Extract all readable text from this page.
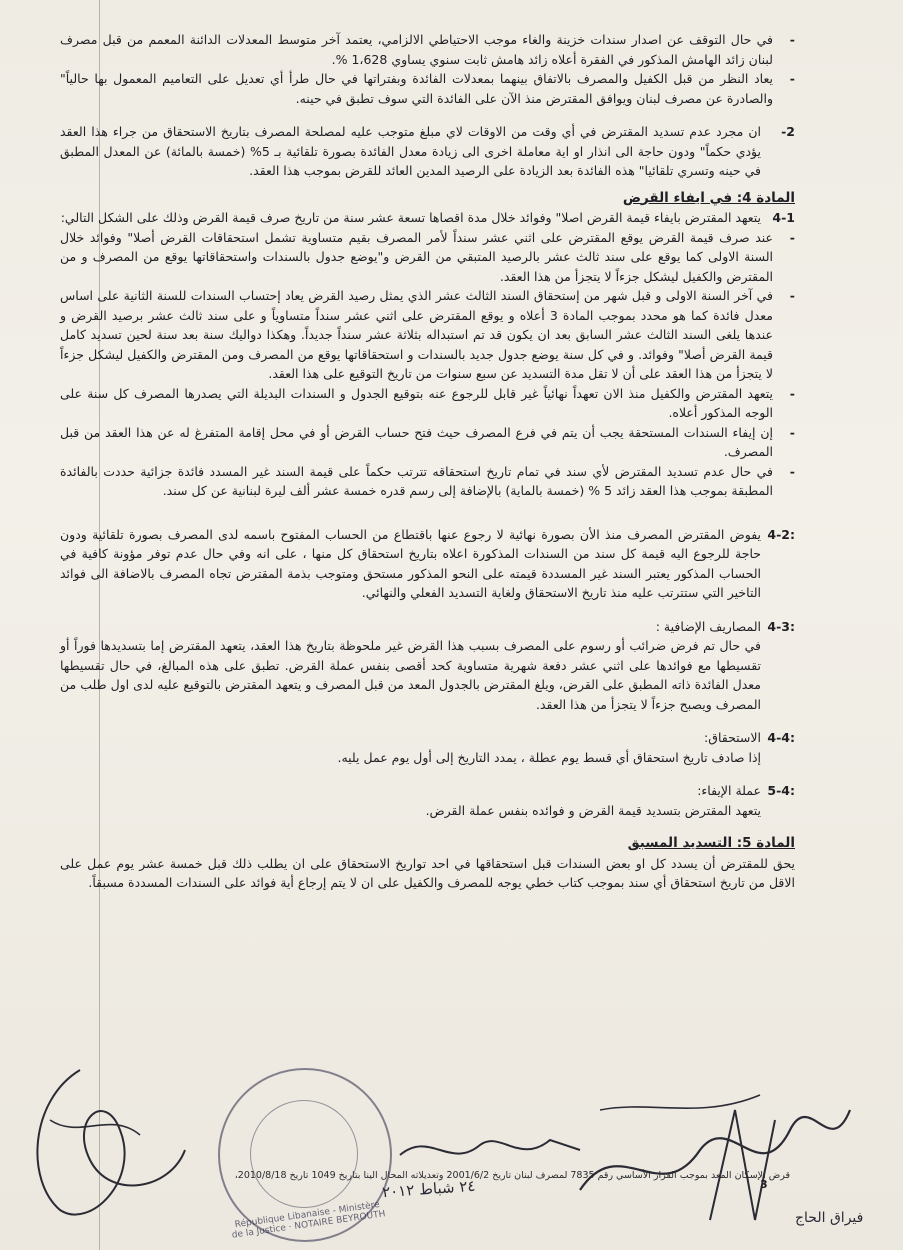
-

في حال التوقف عن اصدار سندات خزينة والغاء موجب الاحتياطي الالزامي، يعتمد آخر متوسط المعدلات الدائنة المعمم من قبل مصرف لبنان زائد الهامش المذكور في الفقرة أعلاه زائد هامش ثابت سنوي يساوي 1،628 %.

-

يعاد النظر من قبل الكفيل والمصرف بالاتفاق بينهما بمعدلات الفائدة وبفتراتها في حال طرأ أي تعديل على التعاميم المعمول بها حالياً" والصادرة عن مصرف لبنان ويوافق المقترض منذ الآن على الفائدة التي سوف تطبق في حينه.

-2

ان مجرد عدم تسديد المقترض في أي وقت من الاوقات لاي مبلغ متوجب عليه لمصلحة المصرف بتاريخ الاستحقاق من جراء هذا العقد يؤدي حكماً" ودون حاجة الى انذار او اية معاملة اخرى الى زيادة معدل الفائدة بصورة تلقائية بـ 5% (خمسة بالمائة) عن المعدل المطبق في حينه وتسري تلقائيا" هذه الفائدة بعد الزيادة على الرصيد المدين العائد للقرض بموجب هذا العقد.

المادة 4: في ايفاء القرض

4-1

يتعهد المقترض بايفاء قيمة القرض اصلا" وفوائد خلال مدة اقصاها تسعة عشر سنة من تاريخ صرف قيمة القرض وذلك على الشكل التالي:

-

عند صرف قيمة القرض يوقع المقترض على اثني عشر سنداً لأمر المصرف بقيم متساوية تشمل استحقاقات القرض أصلا" وفوائد خلال السنة الاولى كما يوقع على سند ثالث عشر بالرصيد المتبقي من القرض و"يوضع جدول بالسندات واستحقاقاتها يوقع من المصرف و من المقترض والكفيل ليشكل جزءاً لا يتجزأ من هذا العقد.

-

في آخر السنة الاولى و قبل شهر من إستحقاق السند الثالث عشر الذي يمثل رصيد القرض يعاد إحتساب السندات للسنة الثانية على اساس معدل فائدة كما هو محدد بموجب المادة 3 أعلاه و يوقع المقترض على اثني عشر سنداً متساوياً و على سند ثالث عشر برصيد القرض و عندها يلغى السند الثالث عشر السابق بعد ان يكون قد تم استبداله بثلاثة عشر سنداً جديداً. وهكذا دواليك سنة بعد سنة لحين تسديد كامل قيمة القرض أصلا" وفوائد. و في كل سنة يوضع جدول جديد بالسندات و استحقاقاتها يوقع من المصرف ومن المقترض والكفيل ليشكل جزءاً لا يتجزأ من هذا العقد على أن لا تقل مدة التسديد عن سبع سنوات من تاريخ التوقيع على هذا العقد.

-

يتعهد المقترض والكفيل منذ الان تعهداً نهائياً غير قابل للرجوع عنه بتوقيع الجدول و السندات البديلة التي يصدرها المصرف كل سنة على الوجه المذكور أعلاه.

-

إن إيفاء السندات المستحقة يجب أن يتم في فرع المصرف حيث فتح حساب القرض أو في محل إقامة المتفرغ له عن هذا العقد من قبل المصرف.

-

في حال عدم تسديد المقترض لأي سند في تمام تاريخ استحقاقه تترتب حكماً على قيمة السند غير المسدد فائدة جزائية حددت بالفائدة المطبقة بموجب هذا العقد زائد 5 % (خمسة بالماية) بالإضافة إلى رسم قدره خمسة عشر ألف ليرة لبنانية عن كل سند.

4-2:

يفوض المقترض المصرف منذ الأن بصورة نهائية لا رجوع عنها باقتطاع من الحساب المفتوح باسمه لدى المصرف بصورة تلقائية ودون حاجة للرجوع اليه قيمة كل سند من السندات المذكورة اعلاه بتاريخ استحقاق كل منها ، على انه وفي حال عدم توفر مؤونة كافية في الحساب المذكور يعتبر السند غير المسددة قيمته على النحو المذكور مستحق ومتوجب بذمة المقترض تجاه المصرف بالاضافة الى فوائد التاخير التي ستترتب عليه منذ تاريخ الاستحقاق ولغاية التسديد الفعلي والنهائي.

4-3:

المصاريف الإضافية :

في حال تم فرض ضرائب أو رسوم على المصرف بسبب هذا القرض غير ملحوظة بتاريخ هذا العقد، يتعهد المقترض إما بتسديدها فوراً أو تقسيطها مع فوائدها على اثني عشر دفعة شهرية متساوية كحد أقصى بنفس عملة القرض. تطبق على هذه المبالغ، في حال تقسيطها معدل الفائدة ذاته المطبق على القرض، ويلغ المقترض بالجدول المعد من قبل المصرف و يتعهد المقترض بالتوقيع عليه لدى اول طلب من المصرف ويصبح جزءاً لا يتجزأ من هذا العقد.

4-4:

الاستحقاق:

إذا صادف تاريخ استحقاق أي قسط يوم عطلة ، يمدد التاريخ إلى أول يوم عمل يليه.

5-4:

عملة الإيفاء:

يتعهد المقترض بتسديد قيمة القرض و فوائده بنفس عملة القرض.

المادة 5: التسديد المسبق

يحق للمقترض أن يسدد كل او بعض السندات قبل استحقاقها في احد تواريخ الاستحقاق على ان يطلب ذلك قبل خمسة عشر يوم عمل على الاقل من تاريخ استحقاق أي سند بموجب كتاب خطي يوجه للمصرف والكفيل على ان لا يتم إرجاع أية فوائد على السندات المسددة مسبقاً.

République Libanaise - Ministère de la Justice · NOTAIRE BEYROUTH
قرض الإسكان المعد بموجب القرار الأساسي رقم 7835 لمصرف لبنان تاريخ 2001/6/2 وتعديلاته المحال الينا بتاريخ 1049 تاريخ 2010/8/18،
٢٤ شباط ٢٠١٢
فيراق الحاج
3
